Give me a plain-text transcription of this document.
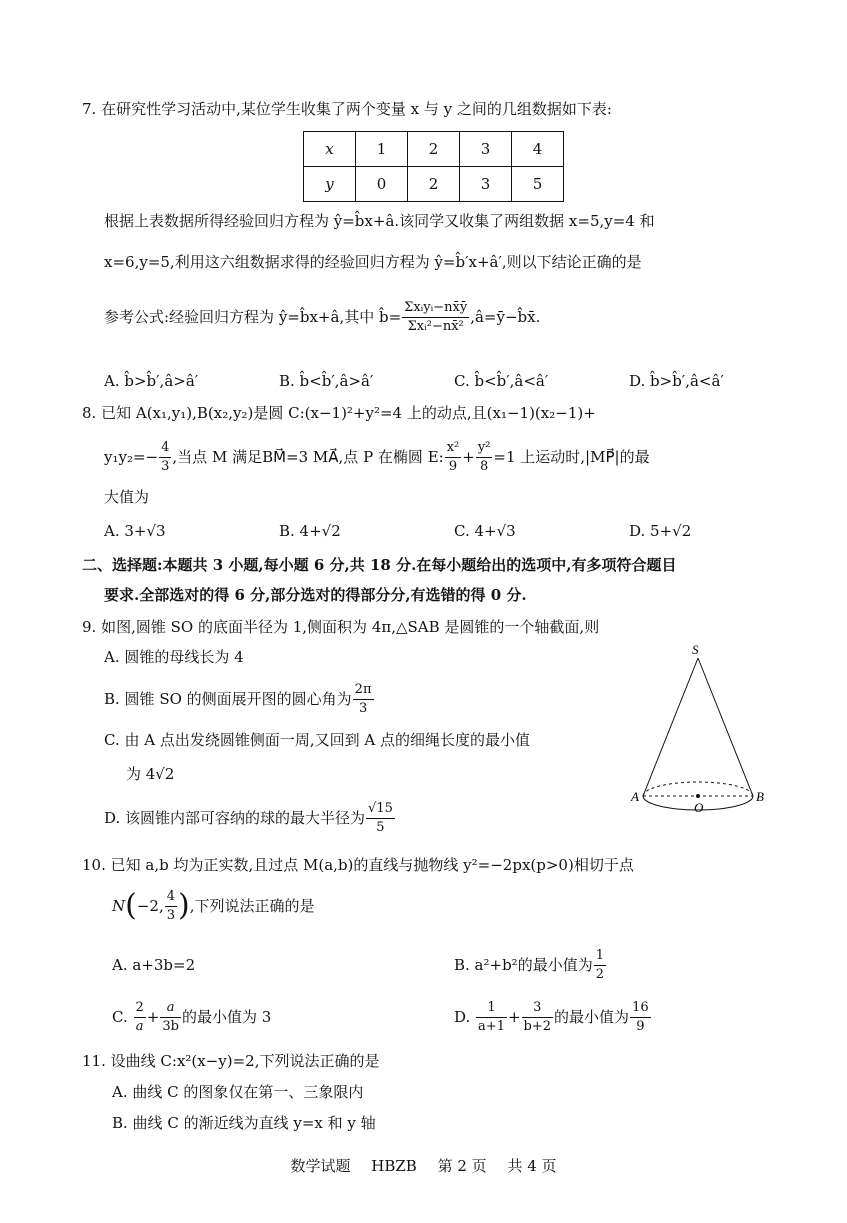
7. 在研究性学习活动中,某位学生收集了两个变量 x 与 y 之间的几组数据如下表:
x	1	2	3	4
y	0	2	3	5
根据上表数据所得经验回归方程为 ŷ=b̂x+â.该同学又收集了两组数据 x=5,y=4 和
x=6,y=5,利用这六组数据求得的经验回归方程为 ŷ=b̂′x+â′,则以下结论正确的是
参考公式:经验回归方程为 ŷ=b̂x+â,其中 b̂= $\frac{\text{Σxᵢyᵢ−nx̄ȳ}}{\text{Σxᵢ²−nx̄²}}$ ,â=ȳ−b̂x̄.
A. b̂>b̂′,â>â′	B. b̂<b̂′,â>â′	C. b̂<b̂′,â<â′	D. b̂>b̂′,â<â′
8. 已知 A(x₁,y₁),B(x₂,y₂)是圆 C:(x−1)²+y²=4 上的动点,且(x₁−1)(x₂−1)+
$y_1y_2=- \frac{4}{3}$ ,当点 M 满足BM⃗=3 MA⃗,点 P 在椭圆 E: $\frac{\text{x²}}{9} + \frac{\text{y²}}{8} =1$ 上运动时,|MP⃗|的最
大值为
A. 3+√3	B. 4+√2	C. 4+√3	D. 5+√2
二、选择题:本题共 3 小题,每小题 6 分,共 18 分.在每小题给出的选项中,有多项符合题目
要求.全部选对的得 6 分,部分选对的得部分分,有选错的得 0 分.
9. 如图,圆锥 SO 的底面半径为 1,侧面积为 4π,△SAB 是圆锥的一个轴截面,则
A. 圆锥的母线长为 4
B. 圆锥 SO 的侧面展开图的圆心角为 $\frac{2\pi}{3}$
C. 由 A 点出发绕圆锥侧面一周,又回到 A 点的细绳长度的最小值
为 4√2
D. 该圆锥内部可容纳的球的最大半径为 $\frac{√15}{5}$
S
A	B
O
10. 已知 a,b 均为正实数,且过点 M(a,b)的直线与抛物线 y²=−2px(p>0)相切于点
N(−2, $\frac{4}{3}$ ),下列说法正确的是
A. a+3b=2	B. a²+b²的最小值为 $\frac{1}{2}$
C. $\frac{2}{a} + \frac{a}{3b}$ 的最小值为 3	D. $\frac{1}{a+1} + \frac{3}{b+2}$ 的最小值为 $\frac{16}{9}$
11. 设曲线 C:x²(x−y)=2,下列说法正确的是
A. 曲线 C 的图象仅在第一、三象限内
B. 曲线 C 的渐近线为直线 y=x 和 y 轴
数学试题 HBZB 第 2 页 共 4 页
